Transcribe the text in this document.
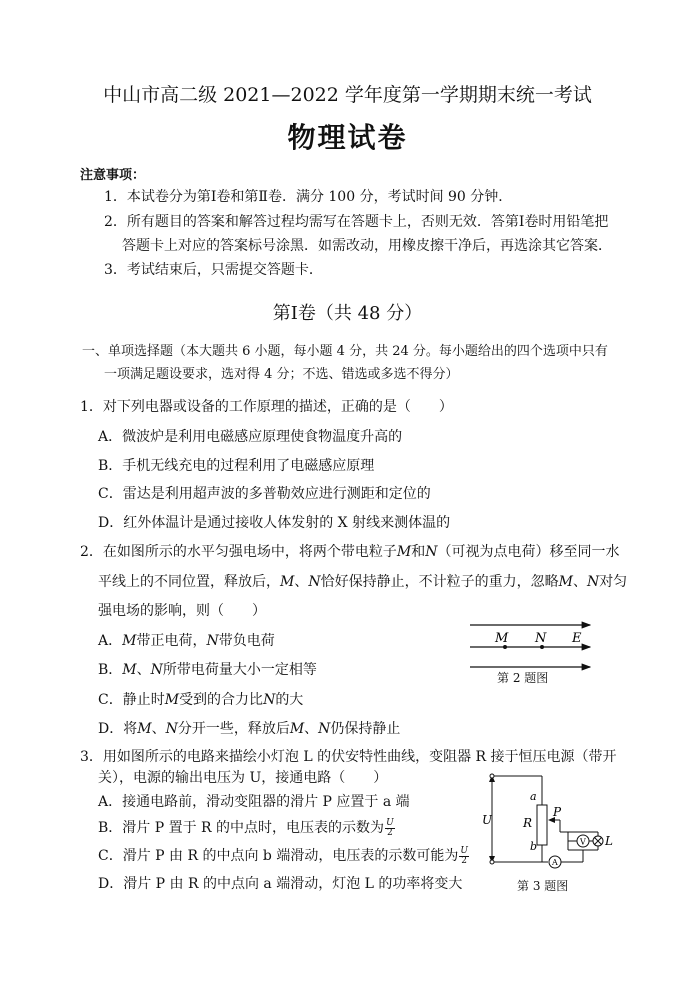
中山市高二级 2021—2022 学年度第一学期期末统一考试
物理试卷
注意事项：
1．本试卷分为第Ⅰ卷和第Ⅱ卷．满分 100 分，考试时间 90 分钟．
2．所有题目的答案和解答过程均需写在答题卡上，否则无效．答第Ⅰ卷时用铅笔把
答题卡上对应的答案标号涂黑．如需改动，用橡皮擦干净后，再选涂其它答案．
3．考试结束后，只需提交答题卡．
第Ⅰ卷（共 48 分）
一、单项选择题（本大题共 6 小题，每小题 4 分，共 24 分。每小题给出的四个选项中只有
一项满足题设要求，选对得 4 分；不选、错选或多选不得分）
1．对下列电器或设备的工作原理的描述，正确的是（　　）
A．微波炉是利用电磁感应原理使食物温度升高的
B．手机无线充电的过程利用了电磁感应原理
C．雷达是利用超声波的多普勒效应进行测距和定位的
D．红外体温计是通过接收人体发射的 X 射线来测体温的
2．在如图所示的水平匀强电场中，将两个带电粒子M和N（可视为点电荷）移至同一水
平线上的不同位置，释放后，M、N恰好保持静止，不计粒子的重力，忽略M、N对匀
强电场的影响，则（　　）
A．M带正电荷，N带负电荷
B．M、N所带电荷量大小一定相等
C．静止时M受到的合力比N的大
D．将M、N分开一些，释放后M、N仍保持静止
M N E
第 2 题图
3．用如图所示的电路来描绘小灯泡 L 的伏安特性曲线，变阻器 R 接于恒压电源（带开
关），电源的输出电压为 U，接通电路（　　）
A．接通电路前，滑动变阻器的滑片 P 应置于 a 端
B．滑片 P 置于 R 的中点时，电压表的示数为 $\frac{U}{2}$
C．滑片 P 由 R 的中点向 b 端滑动，电压表的示数可能为 $\frac{U}{2}$
D．滑片 P 由 R 的中点向 a 端滑动，灯泡 L 的功率将变大
U
a
b
R
P
L
V
A
第 3 题图
